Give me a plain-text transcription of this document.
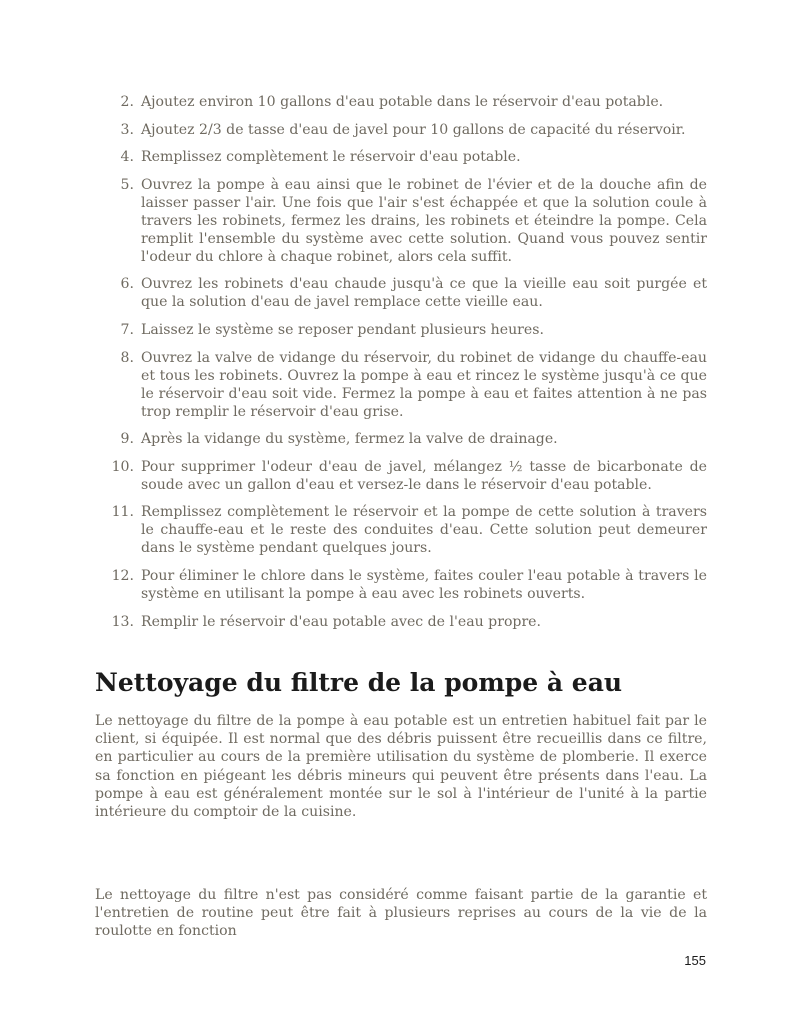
2. Ajoutez environ 10 gallons d'eau potable dans le réservoir d'eau potable.
3. Ajoutez 2/3 de tasse d'eau de javel pour 10 gallons de capacité du réservoir.
4. Remplissez complètement le réservoir d'eau potable.
5. Ouvrez la pompe à eau ainsi que le robinet de l'évier et de la douche afin de laisser passer l'air. Une fois que l'air s'est échappée et que la solution coule à travers les robinets, fermez les drains, les robinets et éteindre la pompe. Cela remplit l'ensemble du système avec cette solution. Quand vous pouvez sentir l'odeur du chlore à chaque robinet, alors cela suffit.
6. Ouvrez les robinets d'eau chaude jusqu'à ce que la vieille eau soit purgée et que la solution d'eau de javel remplace cette vieille eau.
7. Laissez le système se reposer pendant plusieurs heures.
8. Ouvrez la valve de vidange du réservoir, du robinet de vidange du chauffe-eau et tous les robinets. Ouvrez la pompe à eau et rincez le système jusqu'à ce que le réservoir d'eau soit vide. Fermez la pompe à eau et faites attention à ne pas trop remplir le réservoir d'eau grise.
9. Après la vidange du système, fermez la valve de drainage.
10. Pour supprimer l'odeur d'eau de javel, mélangez ½ tasse de bicarbonate de soude avec un gallon d'eau et versez-le dans le réservoir d'eau potable.
11. Remplissez complètement le réservoir et la pompe de cette solution à travers le chauffe-eau et le reste des conduites d'eau. Cette solution peut demeurer dans le système pendant quelques jours.
12. Pour éliminer le chlore dans le système, faites couler l'eau potable à travers le système en utilisant la pompe à eau avec les robinets ouverts.
13. Remplir le réservoir d'eau potable avec de l'eau propre.
Nettoyage du filtre de la pompe à eau

Le nettoyage du filtre de la pompe à eau potable est un entretien habituel fait par le client, si équipée. Il est normal que des débris puissent être recueillis dans ce filtre, en particulier au cours de la première utilisation du système de plomberie. Il exerce sa fonction en piégeant les débris mineurs qui peuvent être présents dans l'eau. La pompe à eau est généralement montée sur le sol à l'intérieur de l'unité à la partie intérieure du comptoir de la cuisine.

Le nettoyage du filtre n'est pas considéré comme faisant partie de la garantie et l'entretien de routine peut être fait à plusieurs reprises au cours de la vie de la roulotte en fonction

155
